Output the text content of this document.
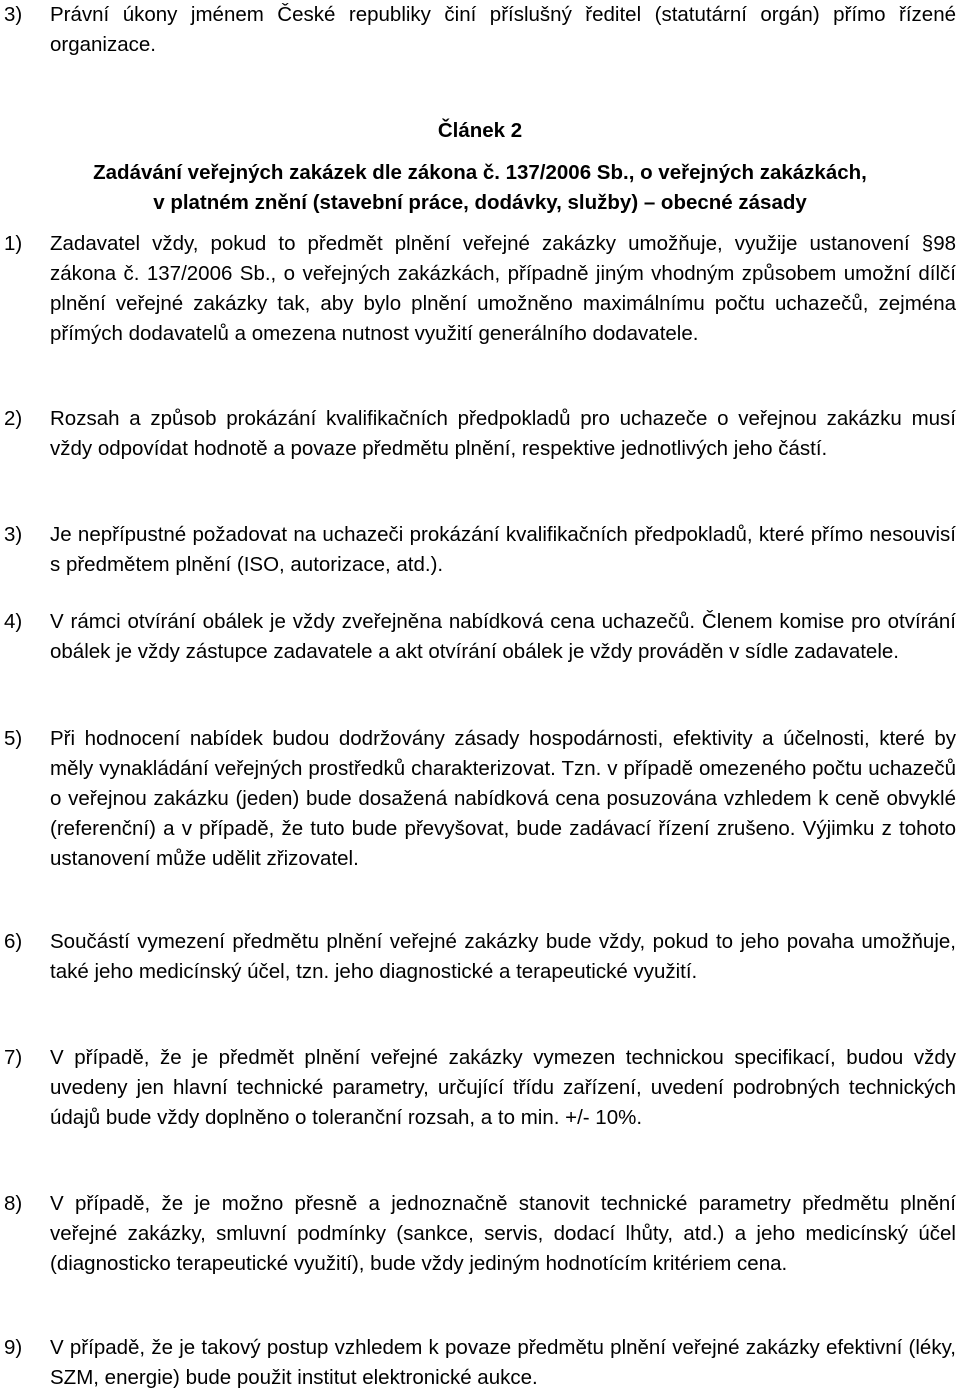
3) Právní úkony jménem České republiky činí příslušný ředitel (statutární orgán) přímo řízené organizace.
Článek 2
Zadávání veřejných zakázek dle zákona č. 137/2006 Sb., o veřejných zakázkách,
v platném znění (stavební práce, dodávky, služby) – obecné zásady
1) Zadavatel vždy, pokud to předmět plnění veřejné zakázky umožňuje, využije ustanovení §98 zákona č. 137/2006 Sb., o veřejných zakázkách, případně jiným vhodným způsobem umožní dílčí plnění veřejné zakázky tak, aby bylo plnění umožněno maximálnímu počtu uchazečů, zejména přímých dodavatelů a omezena nutnost využití generálního dodavatele.
2) Rozsah a způsob prokázání kvalifikačních předpokladů pro uchazeče o veřejnou zakázku musí vždy odpovídat hodnotě a povaze předmětu plnění, respektive jednotlivých jeho částí.
3) Je nepřípustné požadovat na uchazeči prokázání kvalifikačních předpokladů, které přímo nesouvisí s předmětem plnění (ISO, autorizace, atd.).
4) V rámci otvírání obálek je vždy zveřejněna nabídková cena uchazečů. Členem komise pro otvírání obálek je vždy zástupce zadavatele a akt otvírání obálek je vždy prováděn v sídle zadavatele.
5) Při hodnocení nabídek budou dodržovány zásady hospodárnosti, efektivity a účelnosti, které by měly vynakládání veřejných prostředků charakterizovat. Tzn. v případě omezeného počtu uchazečů o veřejnou zakázku (jeden) bude dosažená nabídková cena posuzována vzhledem k ceně obvyklé (referenční) a v případě, že tuto bude převyšovat, bude zadávací řízení zrušeno. Výjimku z tohoto ustanovení může udělit zřizovatel.
6) Součástí vymezení předmětu plnění veřejné zakázky bude vždy, pokud to jeho povaha umožňuje, také jeho medicínský účel, tzn. jeho diagnostické a terapeutické využití.
7) V případě, že je předmět plnění veřejné zakázky vymezen technickou specifikací, budou vždy uvedeny jen hlavní technické parametry, určující třídu zařízení, uvedení podrobných technických údajů bude vždy doplněno o toleranční rozsah, a to min. +/- 10%.
8) V případě, že je možno přesně a jednoznačně stanovit technické parametry předmětu plnění veřejné zakázky, smluvní podmínky (sankce, servis, dodací lhůty, atd.) a jeho medicínský účel (diagnosticko terapeutické využití), bude vždy jediným hodnotícím kritériem cena.
9) V případě, že je takový postup vzhledem k povaze předmětu plnění veřejné zakázky efektivní (léky, SZM, energie) bude použit institut elektronické aukce.
